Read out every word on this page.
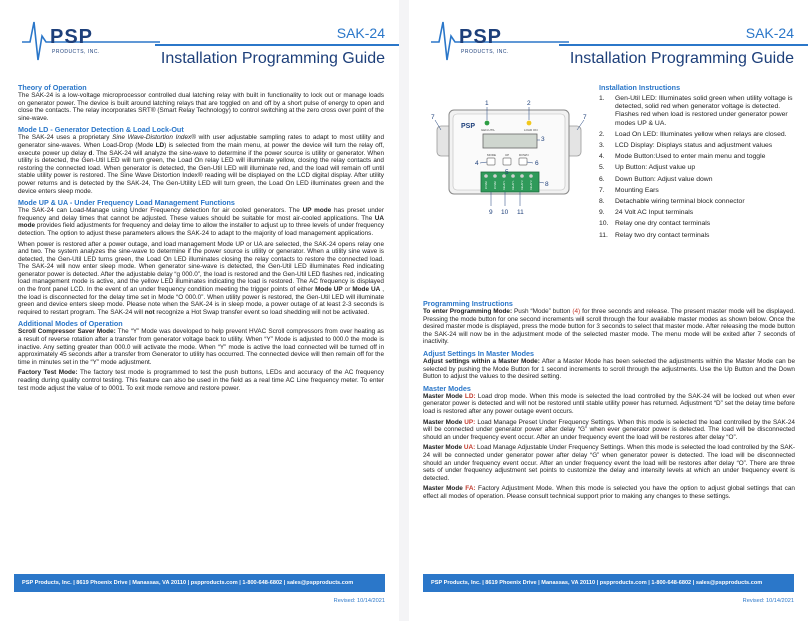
PSP
PRODUCTS, INC.
SAK-24
Installation Programming Guide
Theory of Operation

The SAK-24 is a low-voltage microprocessor controlled dual latching relay with built in functionality to lock out or manage loads on generator power. The device is built around latching relays that are toggled on and off by a short pulse of energy to open and close the contacts. The relay incorporates SRT® (Smart Relay Technology) to control switching at the zero cross over point of the sine-wave.

Mode LD - Generator Detection & Load Lock-Out

The SAK-24 uses a proprietary Sine Wave-Distortion Index® with user adjustable sampling rates to adapt to most utility and generator sine-waves. When Load-Drop (Mode LD) is selected from the main menu, at power the device will turn the relay off, execute power up delay d. The SAK-24 will analyze the sine-wave to determine if the power source is utility or generator. When utility is detected, the Gen-Util LED will turn green, the Load On relay LED will illuminate yellow, closing the relay contacts and restoring the connected load. When generator is detected, the Gen-Util LED will illuminate red, and the load will remain off until stable utility power is restored. The Sine Wave Distortion Index® reading will be displayed on the LCD digital display. After utility power returns and is detected by the SAK-24, The Gen-Utility LED will turn green, the Load On LED illuminates green and the device enters sleep mode.

Mode UP & UA - Under Frequency Load Management Functions

The SAK-24 can Load-Manage using Under Frequency detection for air cooled generators. The UP mode has preset under frequency and delay times that cannot be adjusted. These values should be suitable for most air-cooled applications. The UA mode provides field adjustments for frequency and delay time to allow the installer to adjust up to three levels of under frequency detection. The option to adjust these parameters allows the SAK-24 to adapt to the majority of load management applications.

When power is restored after a power outage, and load management Mode UP or UA are selected, the SAK-24 opens relay one and two. The system analyzes the sine-wave to determine if the power source is utility or generator. When a utility sine wave is detected, the Gen-Util LED turns green, the Load On LED illuminates closing the relay contacts to restore the connected load. The SAK-24 will now enter sleep mode. When generator sine-wave is detected, the Gen-Util LED illuminates Red indicating generator power is detected. After the adjustable delay “g 000.0”, the load is restored and the Gen-Util LED flashes red, indicating load management mode is active, and the yellow LED illuminates indicating the load is restored. The AC frequency is displayed on the front panel LCD. In the event of an under frequency condition meeting the trigger points of either Mode UP or Mode UA , the load is disconnected for the delay time set in Mode “O 000.0”. When utility power is restored, the Gen-Util LED will illuminate green and device enters sleep mode. Please note when the SAK-24 is in sleep mode, a power outage of at least 2-3 seconds is required to restart program. The SAK-24 will not recognize a Hot Swap transfer event so load shedding will not be activated.

Additional Modes of Operation

Scroll Compressor Saver Mode: The “Y” Mode was developed to help prevent HVAC Scroll compressors from over heating as a result of reverse rotation after a transfer from generator voltage back to utility. When “Y” Mode is adjusted to 000.0 the mode is inactive. Any setting greater than 000.0 will activate the mode. When “Y” mode is active the load connected will be turned off in approximately 45 seconds after a transfer from Generator to utility has occurred. The connected device will then remain off for the time in minutes set in the “Y” mode adjustment.

Factory Test Mode: The factory test mode is programmed to test the push buttons, LEDs and accuracy of the AC frequency reading during quality control testing. This feature can also be used in the field as a real time AC Line frequency meter. To enter test mode adjust the value of to 0001. To exit mode remove and restore power.

PSP Products, Inc. | 8619 Phoenix Drive | Manassas, VA 20110 | pspproducts.com | 1-800-648-6802 | sales@pspproducts.com
Revised: 10/14/2021
PSP
PRODUCTS, INC.
SAK-24
Installation Programming Guide
PSP GEN-UTIL	LOAD ON
MODE	UP	DOWN
24 VAC	24 VAC	RELAY 1	RELAY 1	RELAY 2	RELAY 2
1	2
3
4
5
6
7	7
8
9 10 11
Installation Instructions
1.	Gen-Util LED: Illuminates solid green when utility voltage is detected, solid red when generator voltage is detected. Flashes red when load is restored under generator power modes UP & UA.
2.	Load On LED: Illuminates yellow when relays are closed.
3.	LCD Display: Displays status and adjustment values
4.	Mode Button:Used to enter main menu and toggle
5.	Up Button: Adjust value up
6.	Down Button: Adjust value down
7.	Mounting Ears
8.	Detachable wiring terminal block connector
9.	24 Volt AC Input terminals
10. Relay one dry contact terminals
11.	Relay two dry contact terminals
Programming Instructions

To enter Programming Mode: Push “Mode” button (4) for three seconds and release. The present master mode will be displayed. Pressing the mode button for one second increments will scroll through the four available master modes as shown below. Once the desired master mode is displayed, press the mode button for 3 seconds to select that master mode. After releasing the mode button the SAK-24 will now be in the adjustment mode of the selected master mode. The menu mode will be exited after 7 seconds of inactivity.

Adjust Settings In Master Modes

Adjust settings within a Master Mode: After a Master Mode has been selected the adjustments within the Master Mode can be selected by pushing the Mode Button for 1 second increments to scroll through the adjustments. Use the Up Button and the Down Button to adjust the values to the desired setting.

Master Modes

Master Mode LD: Load drop mode. When this mode is selected the load controlled by the SAK-24 will be locked out when ever generator power is detected and will not be restored until stable utility power has returned. Adjustment “D” set the delay time before load is restored after any power outage event occurs.

Master Mode UP: Load Manage Preset Under Frequency Settings. When this mode is selected the load controlled by the SAK-24 will be connected under generator power after delay “G” when ever generator power is detected. The load will be disconnected should an under frequency event occur. After an under frequency event the load will be restores after delay “O”.

Master Mode UA: Load Manage Adjustable Under Frequency Settings. When this mode is selected the load controlled by the SAK-24 will be connected under generator power after delay “G” when generator power is detected. The load will be disconnected should an under frequency event occur. After an under frequency event the load will be restores after delay “O”. There are three sets of under frequency adjustment set points to customize the delay and intensity levels at which an under frequency event is detected.

Master Mode FA: Factory Adjustment Mode. When this mode is selected you have the option to adjust global settings that can effect all modes of operation. Please consult technical support prior to making any changes to these settings.

PSP Products, Inc. | 8619 Phoenix Drive | Manassas, VA 20110 | pspproducts.com | 1-800-648-6802 | sales@pspproducts.com
Revised: 10/14/2021
